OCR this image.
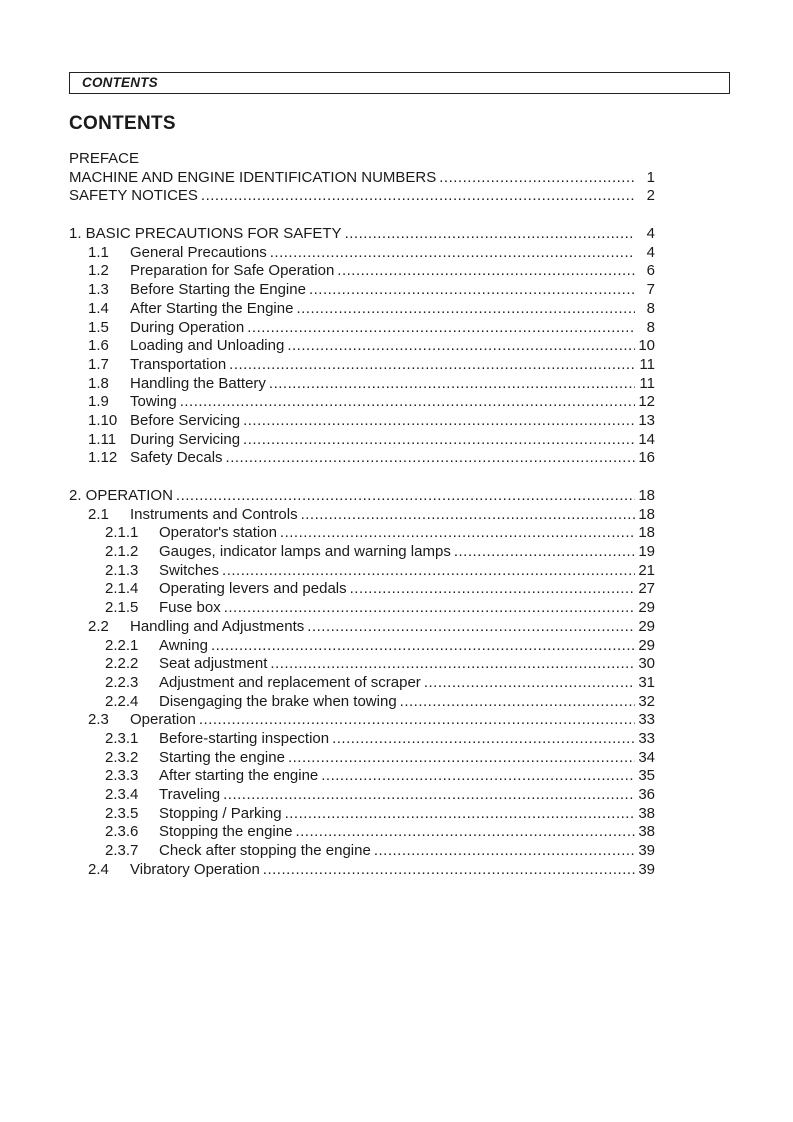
CONTENTS
CONTENTS
PREFACE
MACHINE AND ENGINE IDENTIFICATION NUMBERS .....	1
SAFETY NOTICES .....	2
1. BASIC PRECAUTIONS FOR SAFETY .....	4
1.1	General Precautions .....	4
1.2	Preparation for Safe Operation .....	6
1.3	Before Starting the Engine .....	7
1.4	After Starting the Engine .....	8
1.5	During Operation .....	8
1.6	Loading and Unloading .....	10
1.7	Transportation .....	11
1.8	Handling the Battery .....	11
1.9	Towing .....	12
1.10 Before Servicing .....	13
1.11 During Servicing .....	14
1.12 Safety Decals .....	16
2. OPERATION .....	18
2.1	Instruments and Controls .....	18
2.1.1	Operator's station .....	18
2.1.2	Gauges, indicator lamps and warning lamps .....	19
2.1.3	Switches .....	21
2.1.4	Operating levers and pedals .....	27
2.1.5	Fuse box .....	29
2.2	Handling and Adjustments .....	29
2.2.1	Awning .....	29
2.2.2	Seat adjustment .....	30
2.2.3	Adjustment and replacement of scraper .....	31
2.2.4	Disengaging the brake when towing .....	32
2.3	Operation .....	33
2.3.1	Before-starting inspection .....	33
2.3.2	Starting the engine .....	34
2.3.3	After starting the engine .....	35
2.3.4	Traveling .....	36
2.3.5	Stopping / Parking .....	38
2.3.6	Stopping the engine .....	38
2.3.7	Check after stopping the engine .....	39
2.4	Vibratory Operation .....	39
